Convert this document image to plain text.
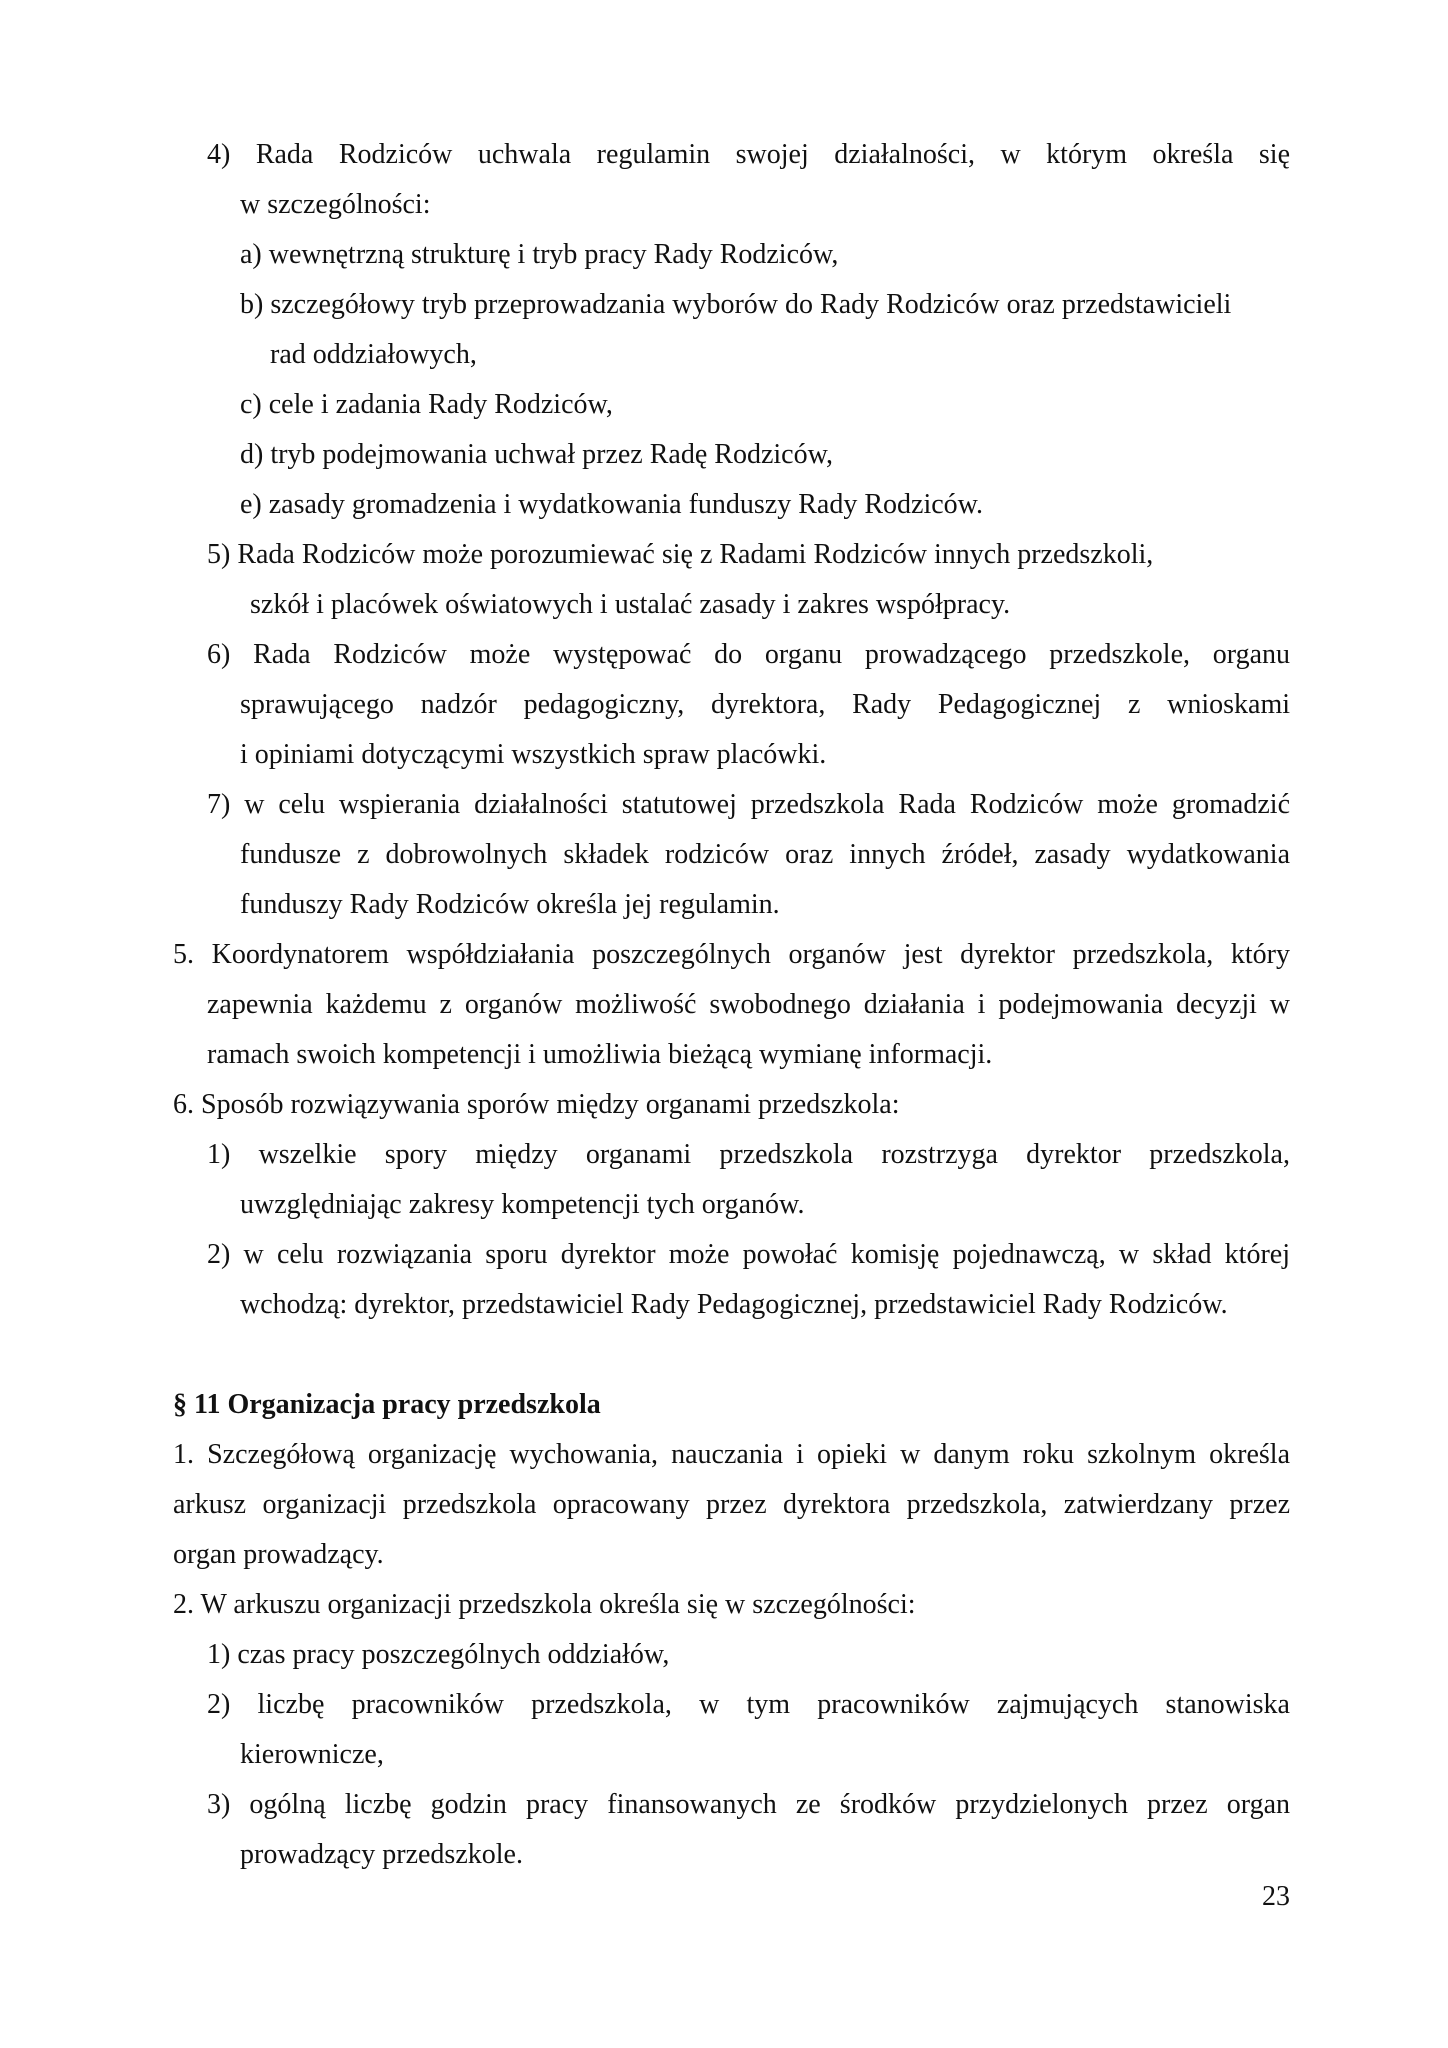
4) Rada Rodziców uchwala regulamin swojej działalności, w którym określa się
w szczególności:
a) wewnętrzną strukturę i tryb pracy Rady Rodziców,
b) szczegółowy tryb przeprowadzania wyborów do Rady Rodziców oraz przedstawicieli
rad oddziałowych,
c) cele i zadania Rady Rodziców,
d) tryb podejmowania uchwał przez Radę Rodziców,
e) zasady gromadzenia i wydatkowania funduszy Rady Rodziców.
5) Rada Rodziców może porozumiewać się z Radami Rodziców innych przedszkoli,
szkół i placówek oświatowych i ustalać zasady i zakres współpracy.
6) Rada Rodziców może występować do organu prowadzącego przedszkole, organu
sprawującego nadzór pedagogiczny, dyrektora, Rady Pedagogicznej z wnioskami
i opiniami dotyczącymi wszystkich spraw placówki.
7) w celu wspierania działalności statutowej przedszkola Rada Rodziców może gromadzić
fundusze z dobrowolnych składek rodziców oraz innych źródeł, zasady wydatkowania
funduszy Rady Rodziców określa jej regulamin.
5. Koordynatorem współdziałania poszczególnych organów jest dyrektor przedszkola, który
zapewnia każdemu z organów możliwość swobodnego działania i podejmowania decyzji w
ramach swoich kompetencji i umożliwia bieżącą wymianę informacji.
6. Sposób rozwiązywania sporów między organami przedszkola:
1) wszelkie spory między organami przedszkola rozstrzyga dyrektor przedszkola,
uwzględniając zakresy kompetencji tych organów.
2) w celu rozwiązania sporu dyrektor może powołać komisję pojednawczą, w skład której
wchodzą: dyrektor, przedstawiciel Rady Pedagogicznej, przedstawiciel Rady Rodziców.
§ 11 Organizacja pracy przedszkola
1. Szczegółową organizację wychowania, nauczania i opieki w danym roku szkolnym określa
arkusz organizacji przedszkola opracowany przez dyrektora przedszkola, zatwierdzany przez
organ prowadzący.
2. W arkuszu organizacji przedszkola określa się w szczególności:
1) czas pracy poszczególnych oddziałów,
2) liczbę pracowników przedszkola, w tym pracowników zajmujących stanowiska
kierownicze,
3) ogólną liczbę godzin pracy finansowanych ze środków przydzielonych przez organ
prowadzący przedszkole.
23
